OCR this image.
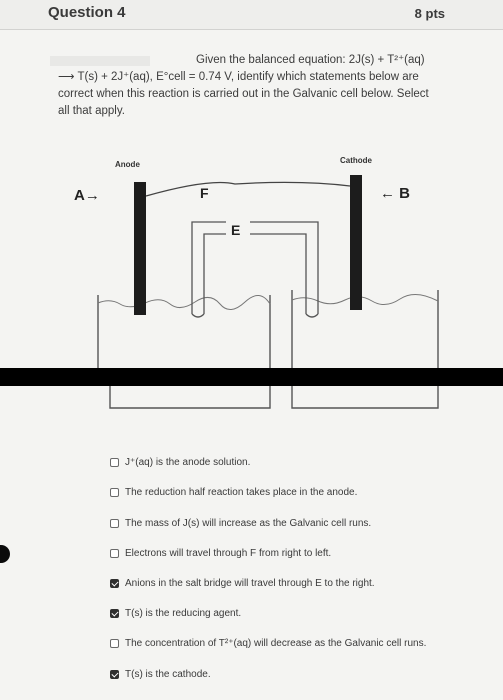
Question 4	8 pts
Given the balanced equation: 2J(s) + T²⁺(aq)
⟶ T(s) + 2J⁺(aq), E°cell = 0.74 V, identify which statements below are
correct when this reaction is carried out in the Galvanic cell below. Select
all that apply.
Anode	Cathode
A→	← B
F
E
J⁺(aq) is the anode solution.
The reduction half reaction takes place in the anode.
The mass of J(s) will increase as the Galvanic cell runs.
Electrons will travel through F from right to left.
Anions in the salt bridge will travel through E to the right.
T(s) is the reducing agent.
The concentration of T²⁺(aq) will decrease as the Galvanic cell runs.
T(s) is the cathode.
